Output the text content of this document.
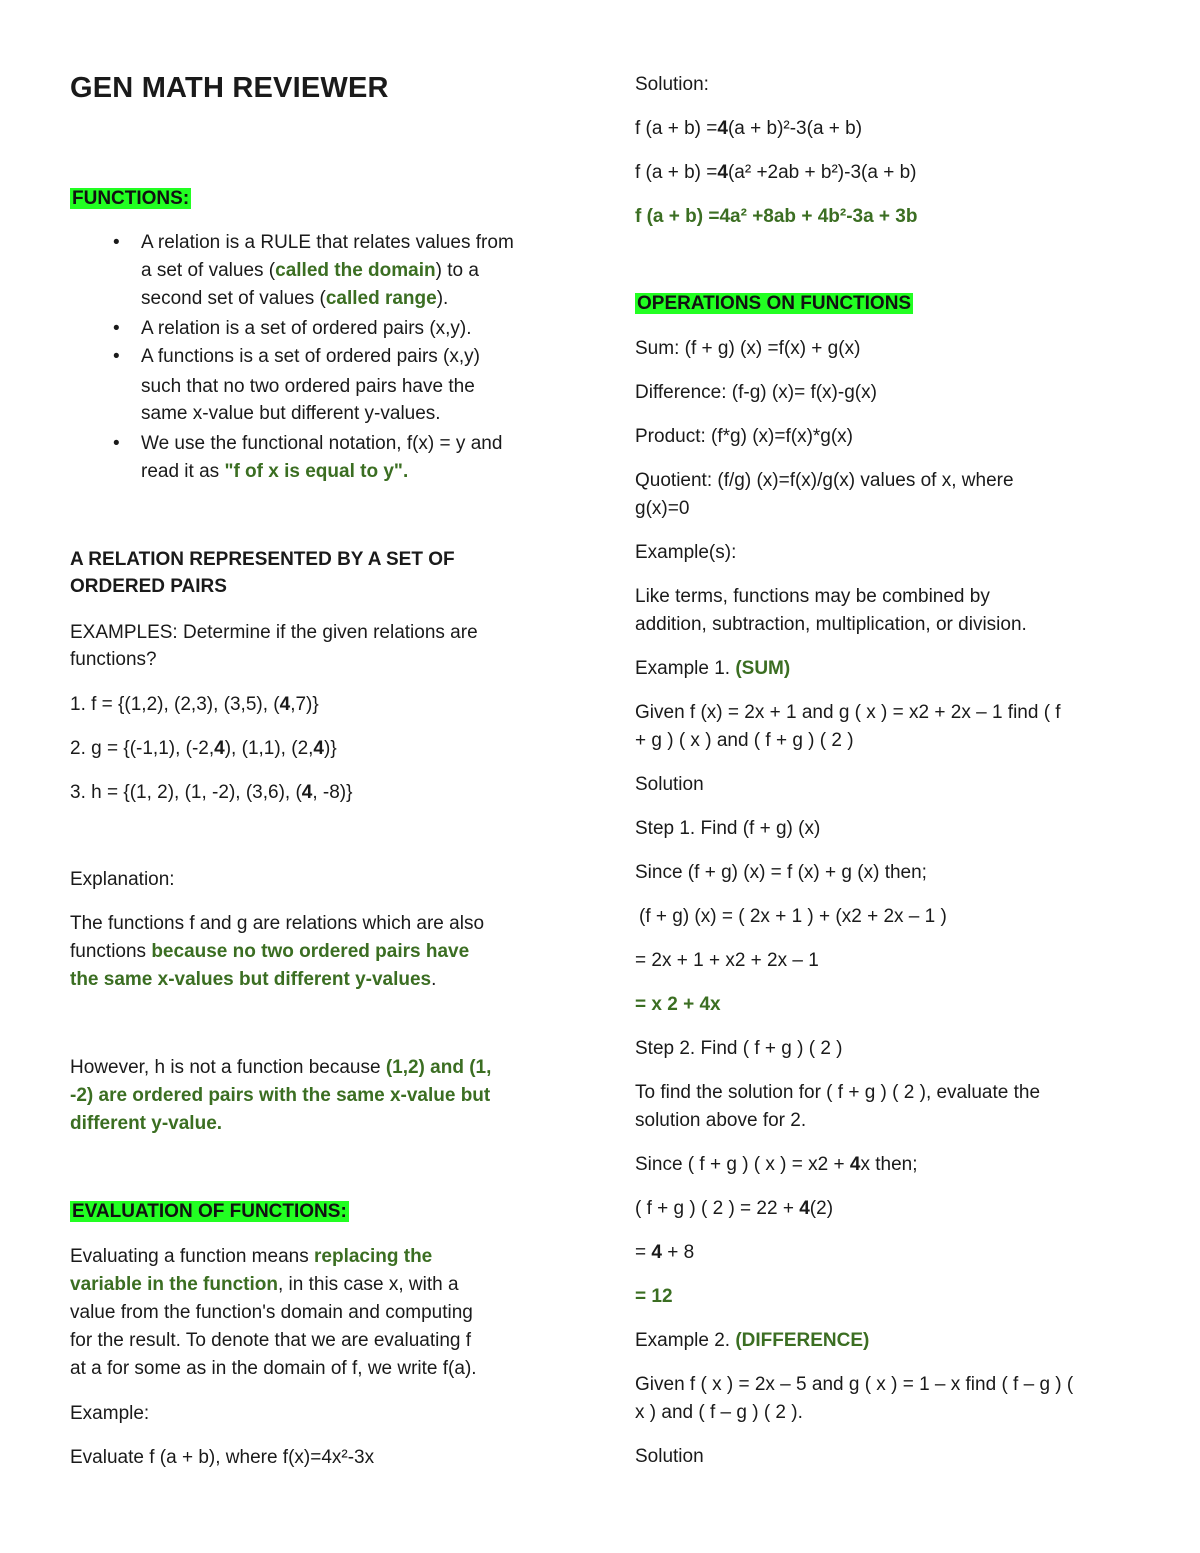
GEN MATH REVIEWER
FUNCTIONS:
• A relation is a RULE that relates values from
a set of values (called the domain) to a
second set of values (called range).
• A relation is a set of ordered pairs (x,y).
• A functions is a set of ordered pairs (x,y)
such that no two ordered pairs have the
same x-value but different y-values.
• We use the functional notation, f(x) = y and
read it as "f of x is equal to y".
A RELATION REPRESENTED BY A SET OF
ORDERED PAIRS
EXAMPLES: Determine if the given relations are
functions?
1. f = {(1,2), (2,3), (3,5), (4,7)}
2. g = {(-1,1), (-2,4), (1,1), (2,4)}
3. h = {(1, 2), (1, -2), (3,6), (4, -8)}
Explanation:
The functions f and g are relations which are also
functions because no two ordered pairs have
the same x-values but different y-values.
However, h is not a function because (1,2) and (1,
-2) are ordered pairs with the same x-value but
different y-value.
EVALUATION OF FUNCTIONS:
Evaluating a function means replacing the
variable in the function, in this case x, with a
value from the function's domain and computing
for the result. To denote that we are evaluating f
at a for some as in the domain of f, we write f(a).
Example:
Evaluate f (a + b), where f(x)=4x²-3x
Solution:
f (a + b) =4(a + b)²-3(a + b)
f (a + b) =4(a² +2ab + b²)-3(a + b)
f (a + b) =4a² +8ab + 4b²-3a + 3b
OPERATIONS ON FUNCTIONS
Sum: (f + g) (x) =f(x) + g(x)
Difference: (f-g) (x)= f(x)-g(x)
Product: (f*g) (x)=f(x)*g(x)
Quotient: (f/g) (x)=f(x)/g(x) values of x, where
g(x)=0
Example(s):
Like terms, functions may be combined by
addition, subtraction, multiplication, or division.
Example 1. (SUM)
Given f (x) = 2x + 1 and g ( x ) = x2 + 2x – 1 find ( f
+ g ) ( x ) and ( f + g ) ( 2 )
Solution
Step 1. Find (f + g) (x)
Since (f + g) (x) = f (x) + g (x) then;
(f + g) (x) = ( 2x + 1 ) + (x2 + 2x – 1 )
= 2x + 1 + x2 + 2x – 1
= x 2 + 4x
Step 2. Find ( f + g ) ( 2 )
To find the solution for ( f + g ) ( 2 ), evaluate the
solution above for 2.
Since ( f + g ) ( x ) = x2 + 4x then;
( f + g ) ( 2 ) = 22 + 4(2)
= 4 + 8
= 12
Example 2. (DIFFERENCE)
Given f ( x ) = 2x – 5 and g ( x ) = 1 – x find ( f – g ) (
x ) and ( f – g ) ( 2 ).
Solution
